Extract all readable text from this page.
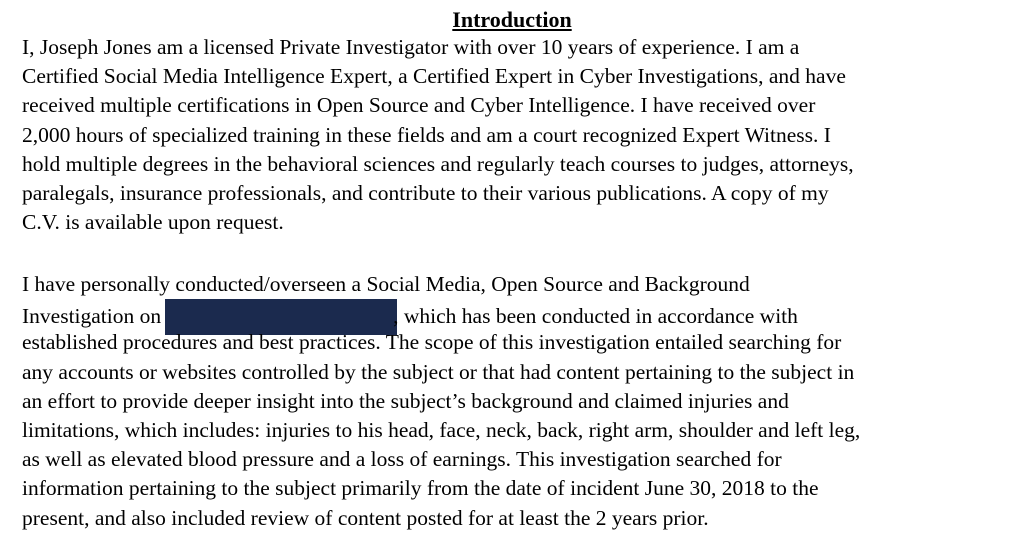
Introduction
I, Joseph Jones am a licensed Private Investigator with over 10 years of experience. I am a
Certified Social Media Intelligence Expert, a Certified Expert in Cyber Investigations, and have
received multiple certifications in Open Source and Cyber Intelligence. I have received over
2,000 hours of specialized training in these fields and am a court recognized Expert Witness. I
hold multiple degrees in the behavioral sciences and regularly teach courses to judges, attorneys,
paralegals, insurance professionals, and contribute to their various publications. A copy of my
C.V. is available upon request.
I have personally conducted/overseen a Social Media, Open Source and Background
Investigation on	, which has been conducted in accordance with
established procedures and best practices. The scope of this investigation entailed searching for
any accounts or websites controlled by the subject or that had content pertaining to the subject in
an effort to provide deeper insight into the subject’s background and claimed injuries and
limitations, which includes: injuries to his head, face, neck, back, right arm, shoulder and left leg,
as well as elevated blood pressure and a loss of earnings. This investigation searched for
information pertaining to the subject primarily from the date of incident June 30, 2018 to the
present, and also included review of content posted for at least the 2 years prior.
